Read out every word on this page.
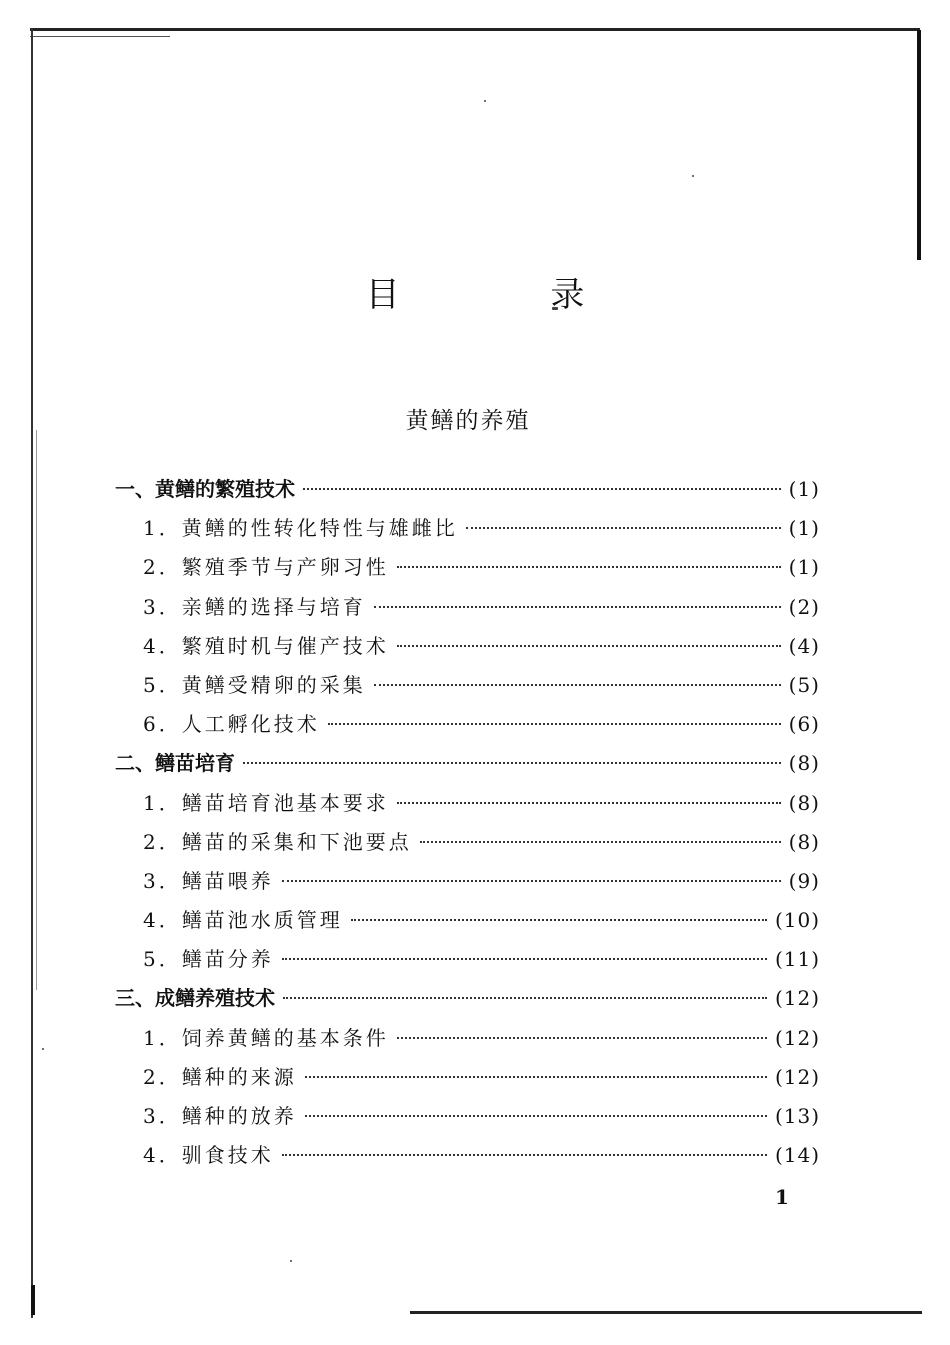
目 录
黄鳝的养殖
一、黄鳝的繁殖技术	(1)
1．黄鳝的性转化特性与雄雌比	(1)
2．繁殖季节与产卵习性	(1)
3．亲鳝的选择与培育	(2)
4．繁殖时机与催产技术	(4)
5．黄鳝受精卵的采集	(5)
6．人工孵化技术	(6)
二、鳝苗培育	(8)
1．鳝苗培育池基本要求	(8)
2．鳝苗的采集和下池要点	(8)
3．鳝苗喂养	(9)
4．鳝苗池水质管理	(10)
5．鳝苗分养	(11)
三、成鳝养殖技术	(12)
1．饲养黄鳝的基本条件	(12)
2．鳝种的来源	(12)
3．鳝种的放养	(13)
4．驯食技术	(14)
1
